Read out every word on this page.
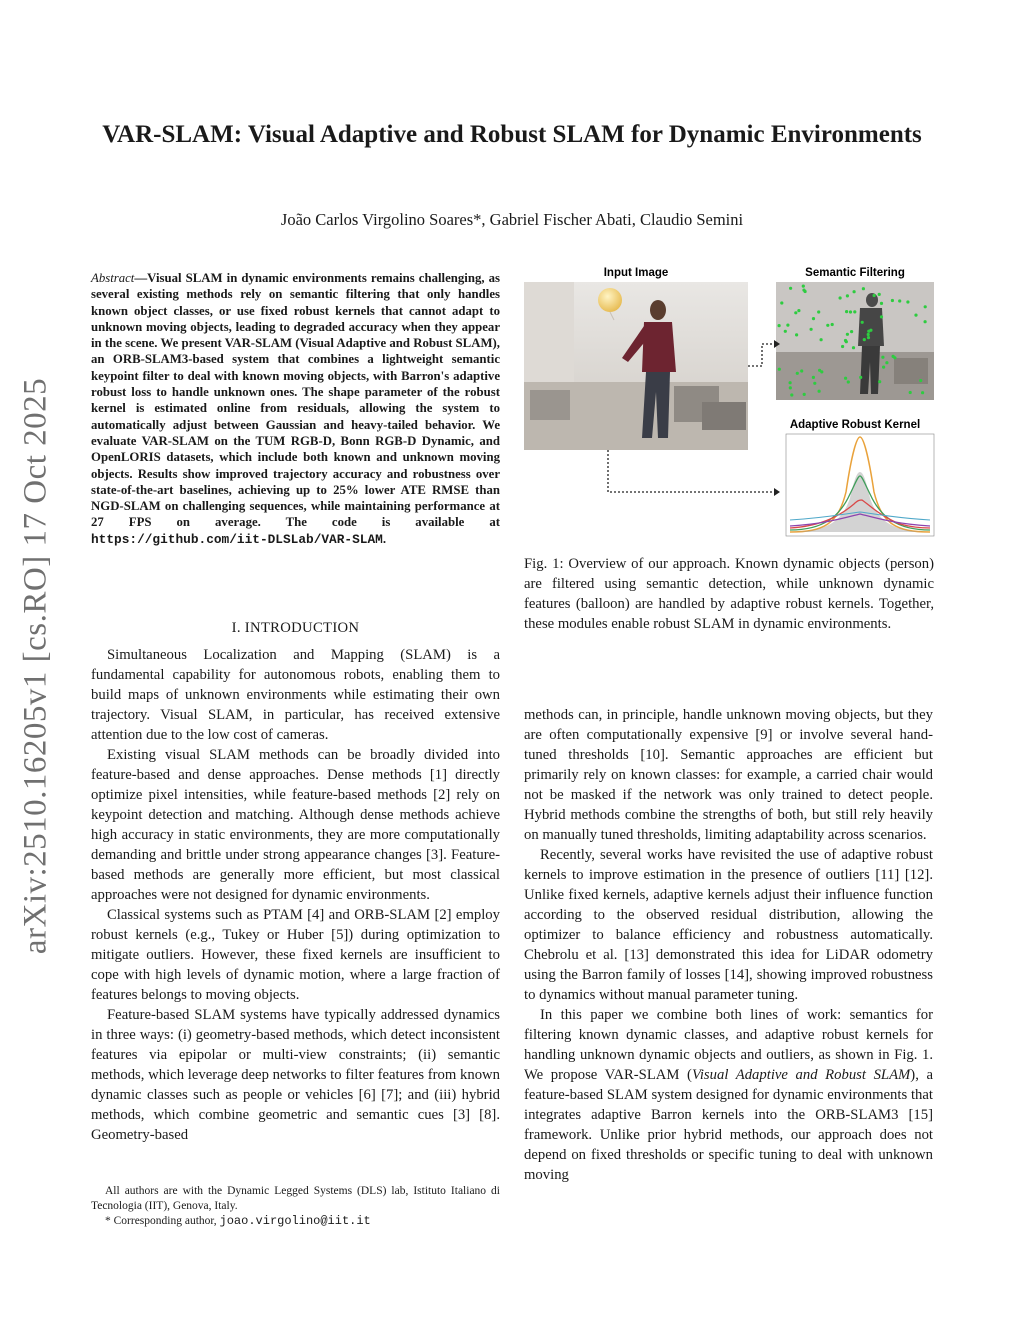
VAR-SLAM: Visual Adaptive and Robust SLAM for Dynamic Environments
João Carlos Virgolino Soares*, Gabriel Fischer Abati, Claudio Semini
arXiv:2510.16205v1 [cs.RO] 17 Oct 2025
Abstract—Visual SLAM in dynamic environments remains challenging, as several existing methods rely on semantic filtering that only handles known object classes, or use fixed robust kernels that cannot adapt to unknown moving objects, leading to degraded accuracy when they appear in the scene. We present VAR-SLAM (Visual Adaptive and Robust SLAM), an ORB-SLAM3-based system that combines a lightweight semantic keypoint filter to deal with known moving objects, with Barron's adaptive robust loss to handle unknown ones. The shape parameter of the robust kernel is estimated online from residuals, allowing the system to automatically adjust between Gaussian and heavy-tailed behavior. We evaluate VAR-SLAM on the TUM RGB-D, Bonn RGB-D Dynamic, and OpenLORIS datasets, which include both known and unknown moving objects. Results show improved trajectory accuracy and robustness over state-of-the-art baselines, achieving up to 25% lower ATE RMSE than NGD-SLAM on challenging sequences, while maintaining performance at 27 FPS on average. The code is available at https://github.com/iit-DLSLab/VAR-SLAM.
I. INTRODUCTION

Simultaneous Localization and Mapping (SLAM) is a fundamental capability for autonomous robots, enabling them to build maps of unknown environments while estimating their own trajectory. Visual SLAM, in particular, has received extensive attention due to the low cost of cameras.

Existing visual SLAM methods can be broadly divided into feature-based and dense approaches. Dense methods [1] directly optimize pixel intensities, while feature-based methods [2] rely on keypoint detection and matching. Although dense methods achieve high accuracy in static environments, they are more computationally demanding and brittle under strong appearance changes [3]. Feature-based methods are generally more efficient, but most classical approaches were not designed for dynamic environments.

Classical systems such as PTAM [4] and ORB-SLAM [2] employ robust kernels (e.g., Tukey or Huber [5]) during optimization to mitigate outliers. However, these fixed kernels are insufficient to cope with high levels of dynamic motion, where a large fraction of features belongs to moving objects.

Feature-based SLAM systems have typically addressed dynamics in three ways: (i) geometry-based methods, which detect inconsistent features via epipolar or multi-view constraints; (ii) semantic methods, which leverage deep networks to filter features from known dynamic classes such as people or vehicles [6] [7]; and (iii) hybrid methods, which combine geometric and semantic cues [3] [8]. Geometry-based

All authors are with the Dynamic Legged Systems (DLS) lab, Istituto Italiano di Tecnologia (IIT), Genova, Italy.

* Corresponding author, joao.virgolino@iit.it

Input Image	Semantic Filtering
Adaptive Robust Kernel
Fig. 1: Overview of our approach. Known dynamic objects (person) are filtered using semantic detection, while unknown dynamic features (balloon) are handled by adaptive robust kernels. Together, these modules enable robust SLAM in dynamic environments.

methods can, in principle, handle unknown moving objects, but they are often computationally expensive [9] or involve several hand-tuned thresholds [10]. Semantic approaches are efficient but primarily rely on known classes: for example, a carried chair would not be masked if the network was only trained to detect people. Hybrid methods combine the strengths of both, but still rely heavily on manually tuned thresholds, limiting adaptability across scenarios.

Recently, several works have revisited the use of adaptive robust kernels to improve estimation in the presence of outliers [11] [12]. Unlike fixed kernels, adaptive kernels adjust their influence function according to the observed residual distribution, allowing the optimizer to balance efficiency and robustness automatically. Chebrolu et al. [13] demonstrated this idea for LiDAR odometry using the Barron family of losses [14], showing improved robustness to dynamics without manual parameter tuning.

In this paper we combine both lines of work: semantics for filtering known dynamic classes, and adaptive robust kernels for handling unknown dynamic objects and outliers, as shown in Fig. 1. We propose VAR-SLAM (Visual Adaptive and Robust SLAM), a feature-based SLAM system designed for dynamic environments that integrates adaptive Barron kernels into the ORB-SLAM3 [15] framework. Unlike prior hybrid methods, our approach does not depend on fixed thresholds or specific tuning to deal with unknown moving
